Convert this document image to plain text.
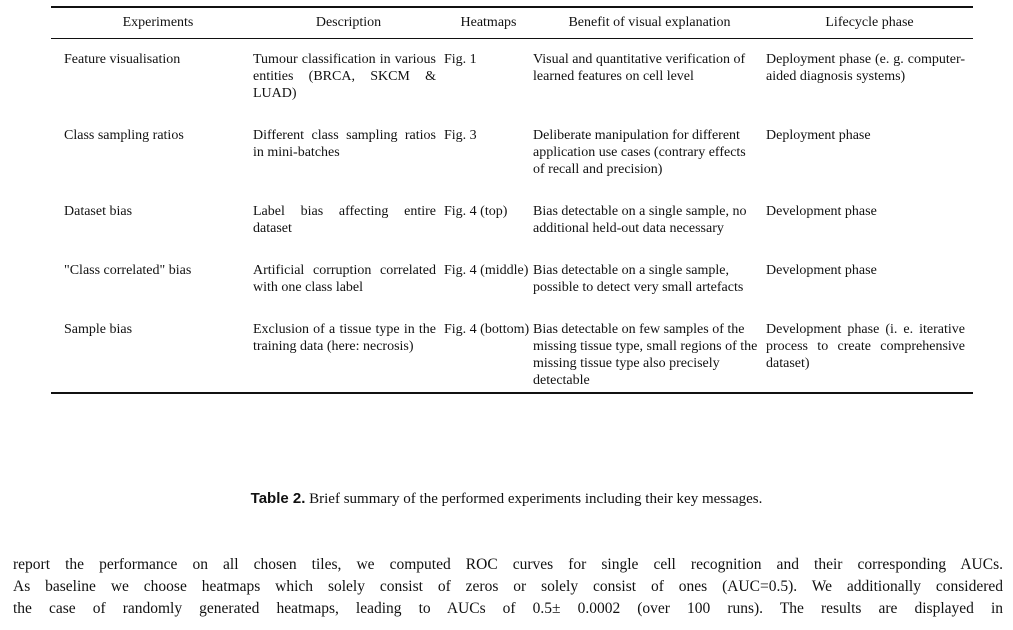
Experiments	Description	Heatmaps	Benefit of visual explanation	Lifecycle phase

Feature visualisation	Tumour classification in various entities (BRCA, SKCM & LUAD)	Fig. 1	Visual and quantitative verification of learned features on cell level	Deployment phase (e. g. computer-aided diagnosis systems)

Class sampling ratios	Different class sampling ratios in mini-batches	Fig. 3	Deliberate manipulation for different application use cases (contrary effects of recall and precision)	Deployment phase

Dataset bias	Label bias affecting entire dataset	Fig. 4 (top)	Bias detectable on a single sample, no additional held-out data necessary	Development phase

"Class correlated" bias	Artificial corruption correlated with one class label	Fig. 4 (middle)	Bias detectable on a single sample, possible to detect very small artefacts	Development phase

Sample bias	Exclusion of a tissue type in the training data (here: necrosis)	Fig. 4 (bottom)	Bias detectable on few samples of the missing tissue type, small regions of the missing tissue type also precisely detectable	Development phase (i. e. iterative process to create comprehensive dataset)
Table 2. Brief summary of the performed experiments including their key messages.

report the performance on all chosen tiles, we computed ROC curves for single cell recognition and their corresponding AUCs.

As baseline we choose heatmaps which solely consist of zeros or solely consist of ones (AUC=0.5). We additionally considered

the case of randomly generated heatmaps, leading to AUCs of 0.5± 0.0002 (over 100 runs). The results are displayed in
